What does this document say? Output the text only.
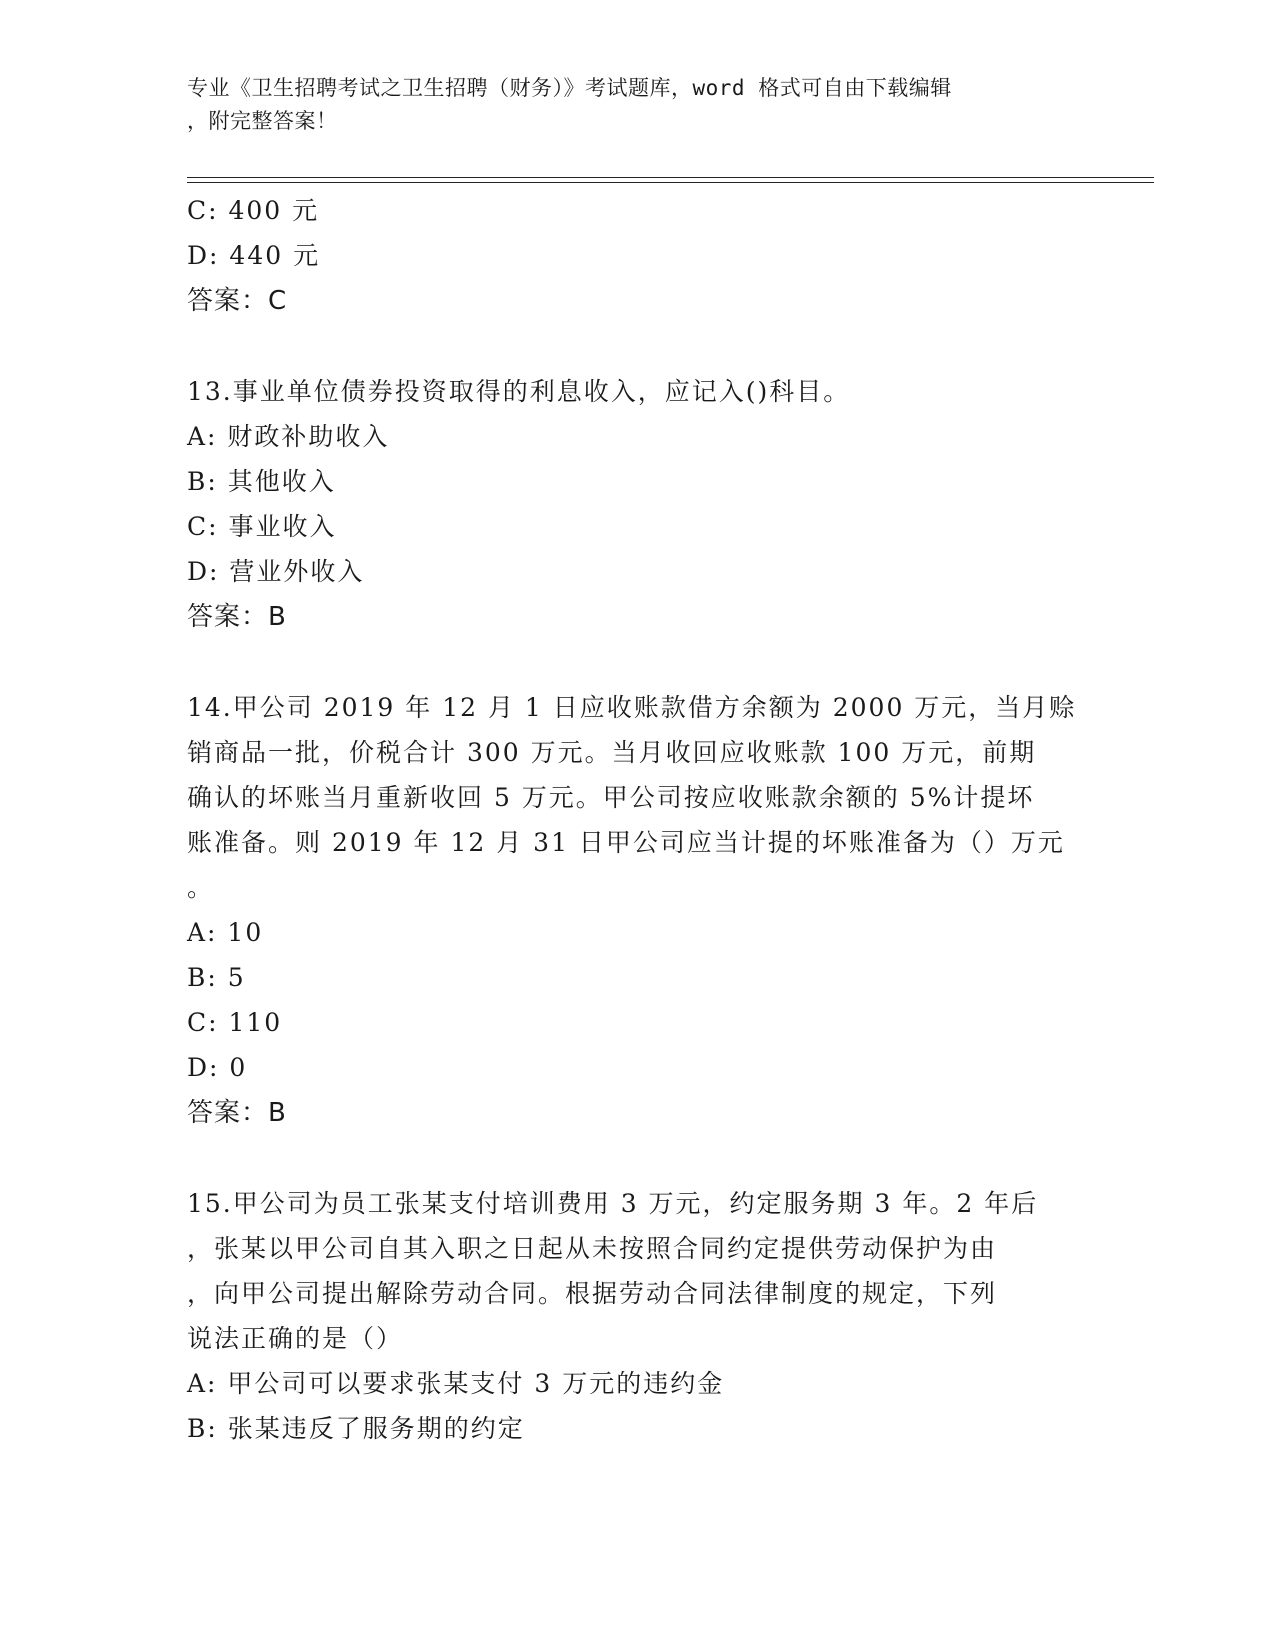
专业《卫生招聘考试之卫生招聘（财务）》考试题库，word 格式可自由下载编辑
，附完整答案！
C: 400 元
D: 440 元
答案：C
13.事业单位债券投资取得的利息收入，应记入()科目。
A: 财政补助收入
B: 其他收入
C: 事业收入
D: 营业外收入
答案：B
14.甲公司 2019 年 12 月 1 日应收账款借方余额为 2000 万元，当月赊
销商品一批，价税合计 300 万元。当月收回应收账款 100 万元，前期
确认的坏账当月重新收回 5 万元。甲公司按应收账款余额的 5%计提坏
账准备。则 2019 年 12 月 31 日甲公司应当计提的坏账准备为（）万元
。
A: 10
B: 5
C: 110
D: 0
答案：B
15.甲公司为员工张某支付培训费用 3 万元，约定服务期 3 年。2 年后
，张某以甲公司自其入职之日起从未按照合同约定提供劳动保护为由
，向甲公司提出解除劳动合同。根据劳动合同法律制度的规定，下列
说法正确的是（）
A: 甲公司可以要求张某支付 3 万元的违约金
B: 张某违反了服务期的约定
